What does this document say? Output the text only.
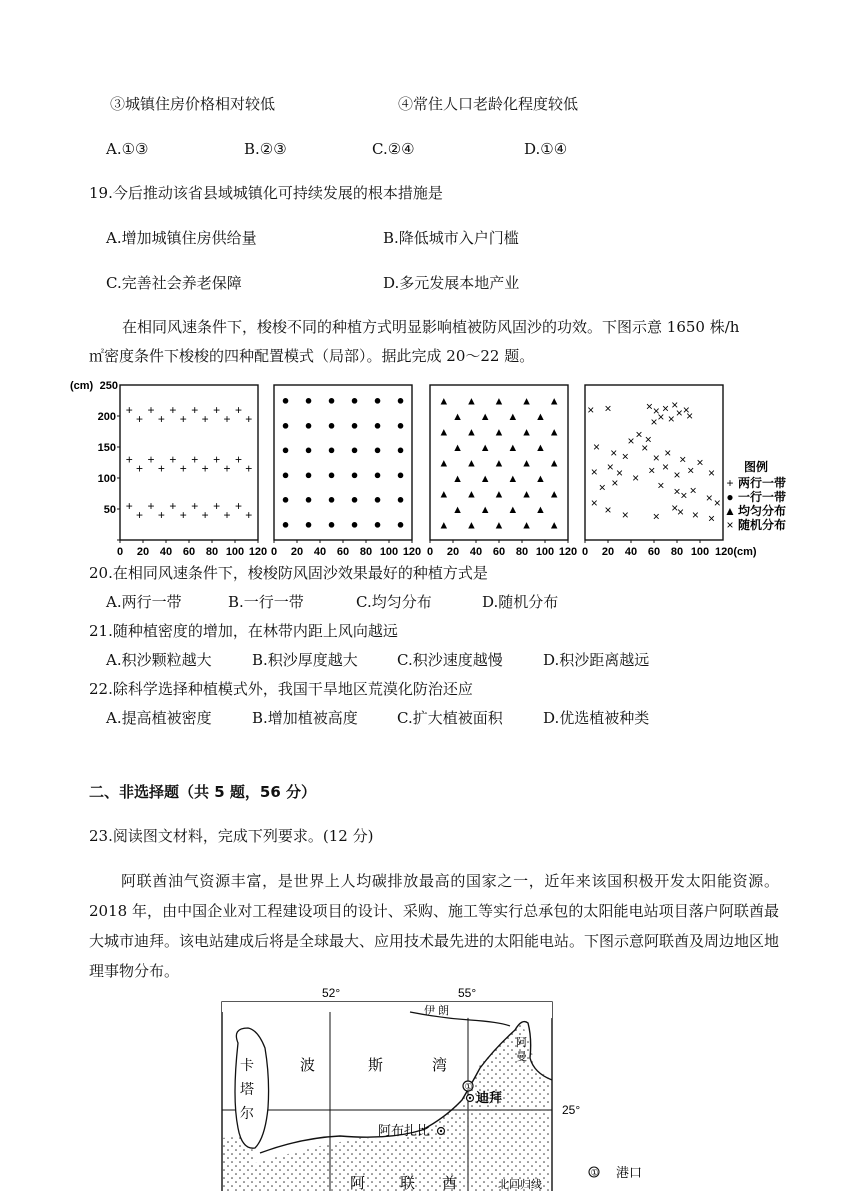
③城镇住房价格相对较低	④常住人口老龄化程度较低
A.①③	B.②③	C.②④	D.①④
19.今后推动该省县域城镇化可持续发展的根本措施是
A.增加城镇住房供给量	B.降低城市入户门槛
C.完善社会养老保障	D.多元发展本地产业
在相同风速条件下，梭梭不同的种植方式明显影响植被防风固沙的功效。下图示意 1650 株/h
㎡密度条件下梭梭的四种配置模式（局部）。据此完成 20～22 题。
(cm)
50
100
150
200
250
0 20 40 60 80 100 120
+ + + + + +
+ + + + + +
+ + + + + +
+ + + + + +
+ + + + + +
+ + + + + +
0 20 40 60 80 100 120
● ● ● ● ● ●
● ● ● ● ● ●
● ● ● ● ● ●
● ● ● ● ● ●
● ● ● ● ● ●
● ● ● ● ● ●
0 20 40 60 80 100 120
▲ ▲ ▲ ▲ ▲
▲ ▲ ▲ ▲
▲ ▲ ▲ ▲ ▲
▲ ▲ ▲ ▲
▲ ▲ ▲ ▲ ▲
▲ ▲ ▲ ▲
▲ ▲ ▲ ▲ ▲
▲ ▲ ▲ ▲
▲ ▲ ▲ ▲ ▲
0 20 40 60 80 100
× ×	× × × ×
× ×
×
×
×
×
× × ×
× × ×
×
× × × ×
× × × ×
× ×
× × ×
× ×	× × × ×
×
×
× × ×
×
× × ×
×
120(cm)
图例
+ 两行一带
● 一行一带
▲ 均匀分布
× 随机分布
20.在相同风速条件下，梭梭防风固沙效果最好的种植方式是
A.两行一带	B.一行一带	C.均匀分布	D.随机分布
21.随种植密度的增加，在林带内距上风向越远
A.积沙颗粒越大	B.积沙厚度越大	C.积沙速度越慢	D.积沙距离越远
22.除科学选择种植模式外，我国干旱地区荒漠化防治还应
A.提高植被密度	B.增加植被高度	C.扩大植被面积	D.优选植被种类
二、非选择题（共 5 题，56 分）
23.阅读图文材料，完成下列要求。(12 分)
阿联酋油气资源丰富，是世界上人均碳排放最高的国家之一，近年来该国积极开发太阳能资源。2018 年，由中国企业对工程建设项目的设计、采购、施工等实行总承包的太阳能电站项目落户阿联酋最大城市迪拜。该电站建成后将是全球最大、应用技术最先进的太阳能电站。下图示意阿联酋及周边地区地理事物分布。
52°	55°
25°
伊 朗
卡
塔
尔
波	斯	湾
阿
曼
①
迪拜
阿布扎比
阿 联 酋	北回归线
① 港口
